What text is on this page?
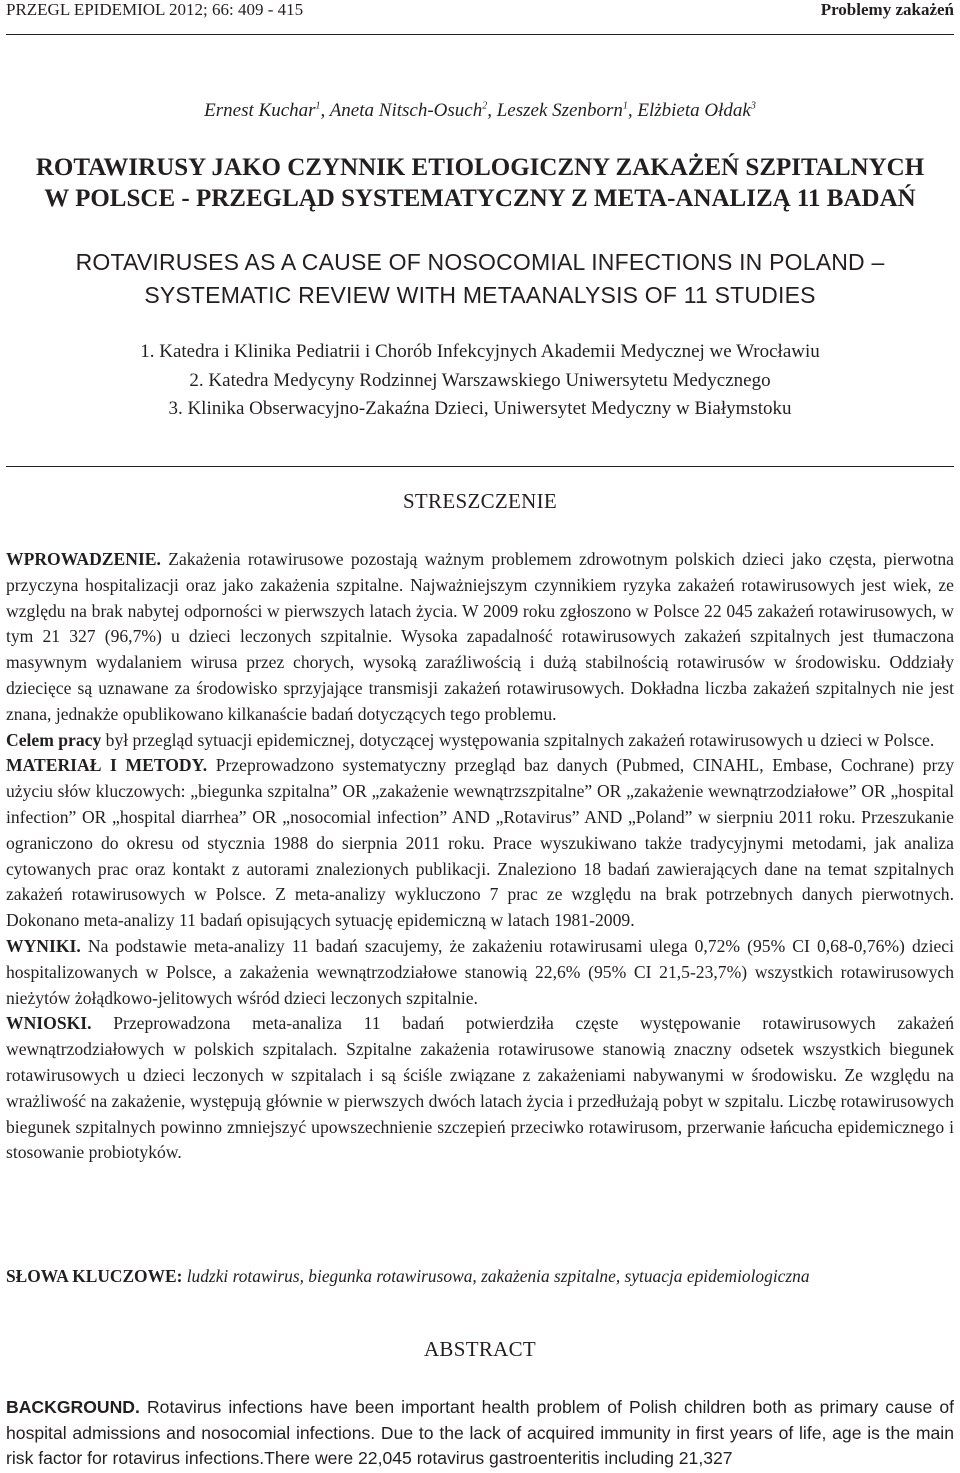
PRZEGL EPIDEMIOL 2012; 66: 409 - 415	Problemy zakażeń
Ernest Kuchar$^1$, Aneta Nitsch-Osuch$^2$, Leszek Szenborn$^1$, Elżbieta Ołdak$^3$
ROTAWIRUSY JAKO CZYNNIK ETIOLOGICZNY ZAKAŻEŃ SZPITALNYCH
W POLSCE - PRZEGLĄD SYSTEMATYCZNY Z META-ANALIZĄ 11 BADAŃ
ROTAVIRUSES AS A CAUSE OF NOSOCOMIAL INFECTIONS IN POLAND –
SYSTEMATIC REVIEW WITH METAANALYSIS OF 11 STUDIES
1. Katedra i Klinika Pediatrii i Chorób Infekcyjnych Akademii Medycznej we Wrocławiu
2. Katedra Medycyny Rodzinnej Warszawskiego Uniwersytetu Medycznego
3. Klinika Obserwacyjno-Zakaźna Dzieci, Uniwersytet Medyczny w Białymstoku
STRESZCZENIE

WPROWADZENIE. Zakażenia rotawirusowe pozostają ważnym problemem zdrowotnym polskich dzieci jako częsta, pierwotna przyczyna hospitalizacji oraz jako zakażenia szpitalne. Najważniejszym czynnikiem ryzyka zakażeń rotawirusowych jest wiek, ze względu na brak nabytej odporności w pierwszych latach życia. W 2009 roku zgłoszono w Polsce 22 045 zakażeń rotawirusowych, w tym 21 327 (96,7%) u dzieci leczonych szpitalnie. Wysoka zapadalność rotawirusowych zakażeń szpitalnych jest tłumaczona masywnym wydalaniem wirusa przez chorych, wysoką zaraźliwością i dużą stabilnością rotawirusów w środowisku. Oddziały dziecięce są uznawane za środowisko sprzyjające transmisji zakażeń rotawirusowych. Dokładna liczba zakażeń szpitalnych nie jest znana, jednakże opublikowano kilkanaście badań dotyczących tego problemu.

Celem pracy był przegląd sytuacji epidemicznej, dotyczącej występowania szpitalnych zakażeń rotawirusowych u dzieci w Polsce.

MATERIAŁ I METODY. Przeprowadzono systematyczny przegląd baz danych (Pubmed, CINAHL, Embase, Cochrane) przy użyciu słów kluczowych: „biegunka szpitalna” OR „zakażenie wewnątrzszpitalne” OR „zakażenie wewnątrzodziałowe” OR „hospital infection” OR „hospital diarrhea” OR „nosocomial infection” AND „Rotavirus” AND „Poland” w sierpniu 2011 roku. Przeszukanie ograniczono do okresu od stycznia 1988 do sierpnia 2011 roku. Prace wyszukiwano także tradycyjnymi metodami, jak analiza cytowanych prac oraz kontakt z autorami znalezionych publikacji. Znaleziono 18 badań zawierających dane na temat szpitalnych zakażeń rotawirusowych w Polsce. Z meta-analizy wykluczono 7 prac ze względu na brak potrzebnych danych pierwotnych. Dokonano meta-analizy 11 badań opisujących sytuację epidemiczną w latach 1981-2009.

WYNIKI. Na podstawie meta-analizy 11 badań szacujemy, że zakażeniu rotawirusami ulega 0,72% (95% CI 0,68-0,76%) dzieci hospitalizowanych w Polsce, a zakażenia wewnątrzodziałowe stanowią 22,6% (95% CI 21,5-23,7%) wszystkich rotawirusowych nieżytów żołądkowo-jelitowych wśród dzieci leczonych szpitalnie.

WNIOSKI. Przeprowadzona meta-analiza 11 badań potwierdziła częste występowanie rotawirusowych zakażeń wewnątrzodziałowych w polskich szpitalach. Szpitalne zakażenia rotawirusowe stanowią znaczny odsetek wszystkich biegunek rotawirusowych u dzieci leczonych w szpitalach i są ściśle związane z zakażeniami nabywanymi w środowisku. Ze względu na wrażliwość na zakażenie, występują głównie w pierwszych dwóch latach życia i przedłużają pobyt w szpitalu. Liczbę rotawirusowych biegunek szpitalnych powinno zmniejszyć upowszechnienie szczepień przeciwko rotawirusom, przerwanie łańcucha epidemicznego i stosowanie probiotyków.

SŁOWA KLUCZOWE: ludzki rotawirus, biegunka rotawirusowa, zakażenia szpitalne, sytuacja epidemiologiczna
ABSTRACT

BACKGROUND. Rotavirus infections have been important health problem of Polish children both as primary cause of hospital admissions and nosocomial infections. Due to the lack of acquired immunity in first years of life, age is the main risk factor for rotavirus infections.There were 22,045 rotavirus gastroenteritis including 21,327
